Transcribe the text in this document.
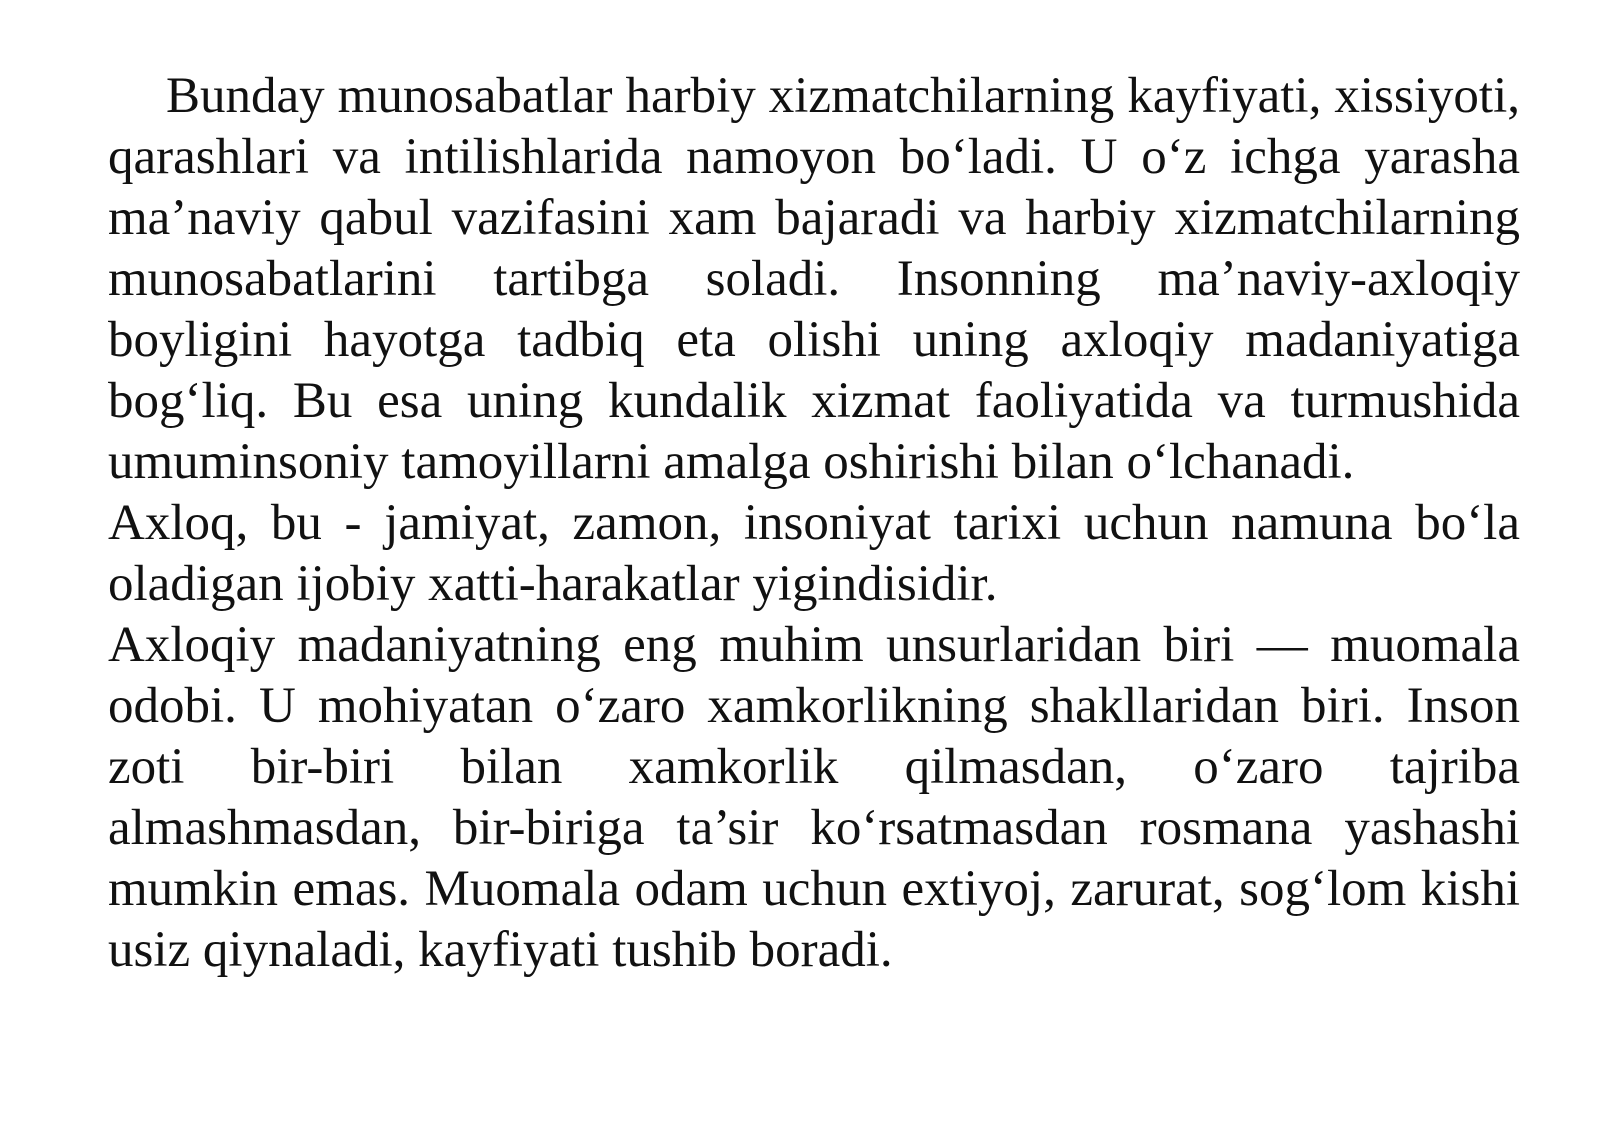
Bunday munosabatlar harbiy xizmatchilarning kayfiyati, xissiyoti, qarashlari va intilishlarida namoyon bo‘ladi. U o‘z ichga yarasha ma’naviy qabul vazifasini xam bajaradi va harbiy xizmatchilarning munosabatlarini tartibga soladi. Insonning ma’naviy-axloqiy boyligini hayotga tadbiq eta olishi uning axloqiy madaniyatiga bog‘liq. Bu esa uning kundalik xizmat faoliyatida va turmushida umuminsoniy tamoyillarni amalga oshirishi bilan o‘lchanadi.

Axloq, bu - jamiyat, zamon, insoniyat tarixi uchun namuna bo‘la oladigan ijobiy xatti-harakatlar yigindisidir.

Axloqiy madaniyatning eng muhim unsurlaridan biri — muomala odobi. U mohiyatan o‘zaro xamkorlikning shakllaridan biri. Inson zoti bir-biri bilan xamkorlik qilmasdan, o‘zaro tajriba almashmasdan, bir-biriga ta’sir ko‘rsatmasdan rosmana yashashi mumkin emas. Muomala odam uchun extiyoj, zarurat, sog‘lom kishi usiz qiynaladi, kayfiyati tushib boradi.
